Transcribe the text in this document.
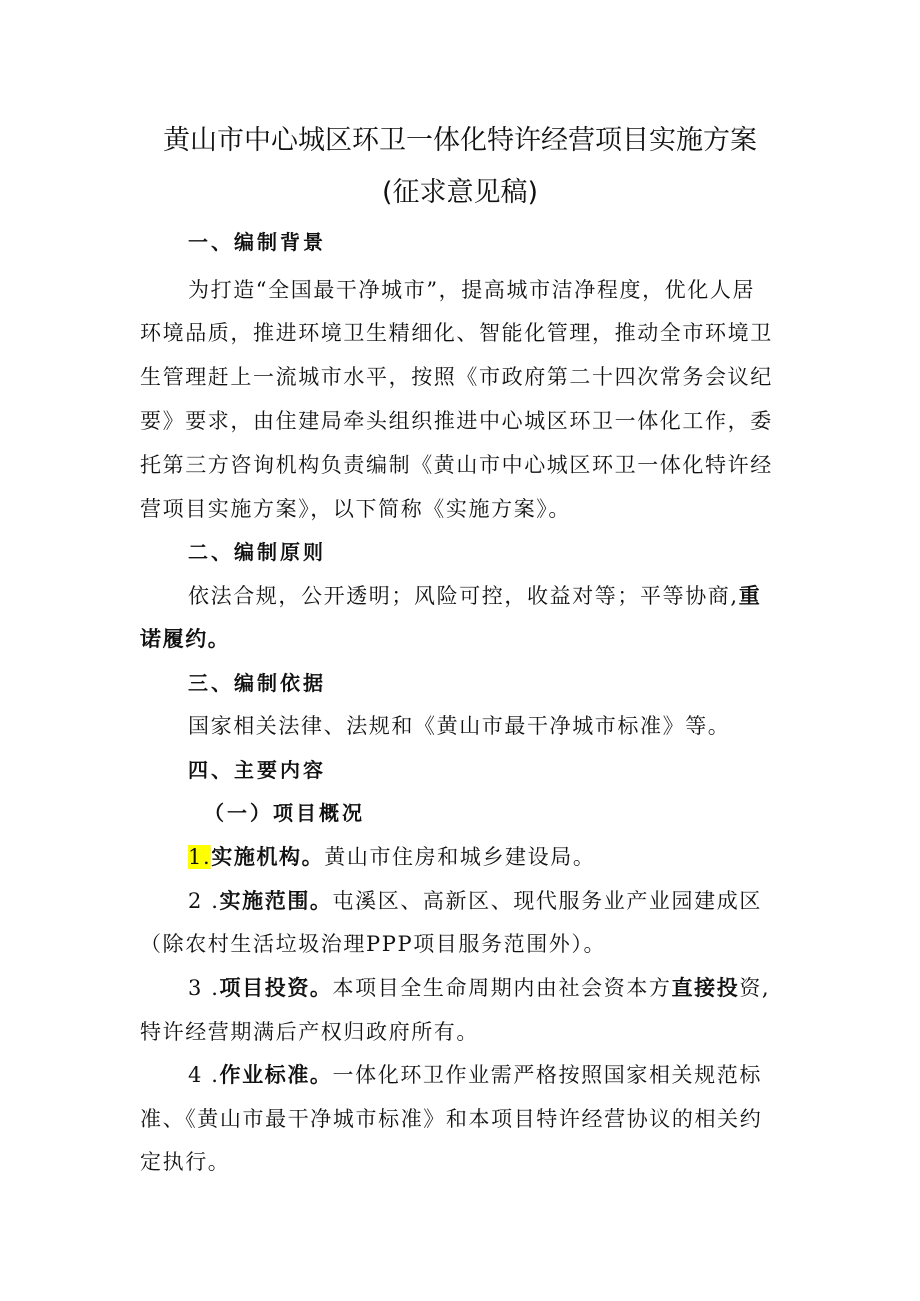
黄山市中心城区环卫一体化特许经营项目实施方案
(征求意见稿)
一、编制背景
为打造“全国最干净城市”，提高城市洁净程度，优化人居
环境品质，推进环境卫生精细化、智能化管理，推动全市环境卫
生管理赶上一流城市水平，按照《市政府第二十四次常务会议纪
要》要求，由住建局牵头组织推进中心城区环卫一体化工作，委
托第三方咨询机构负责编制《黄山市中心城区环卫一体化特许经
营项目实施方案》，以下简称《实施方案》。
二、编制原则
依法合规，公开透明；风险可控，收益对等；平等协商,重
诺履约。
三、编制依据
国家相关法律、法规和《黄山市最干净城市标准》等。
四、主要内容
（一）项目概况
1.实施机构。黄山市住房和城乡建设局。
2 .实施范围。屯溪区、高新区、现代服务业产业园建成区
（除农村生活垃圾治理PPP项目服务范围外）。
3 .项目投资。本项目全生命周期内由社会资本方直接投资,
特许经营期满后产权归政府所有。
4 .作业标准。一体化环卫作业需严格按照国家相关规范标
准、《黄山市最干净城市标准》和本项目特许经营协议的相关约
定执行。
